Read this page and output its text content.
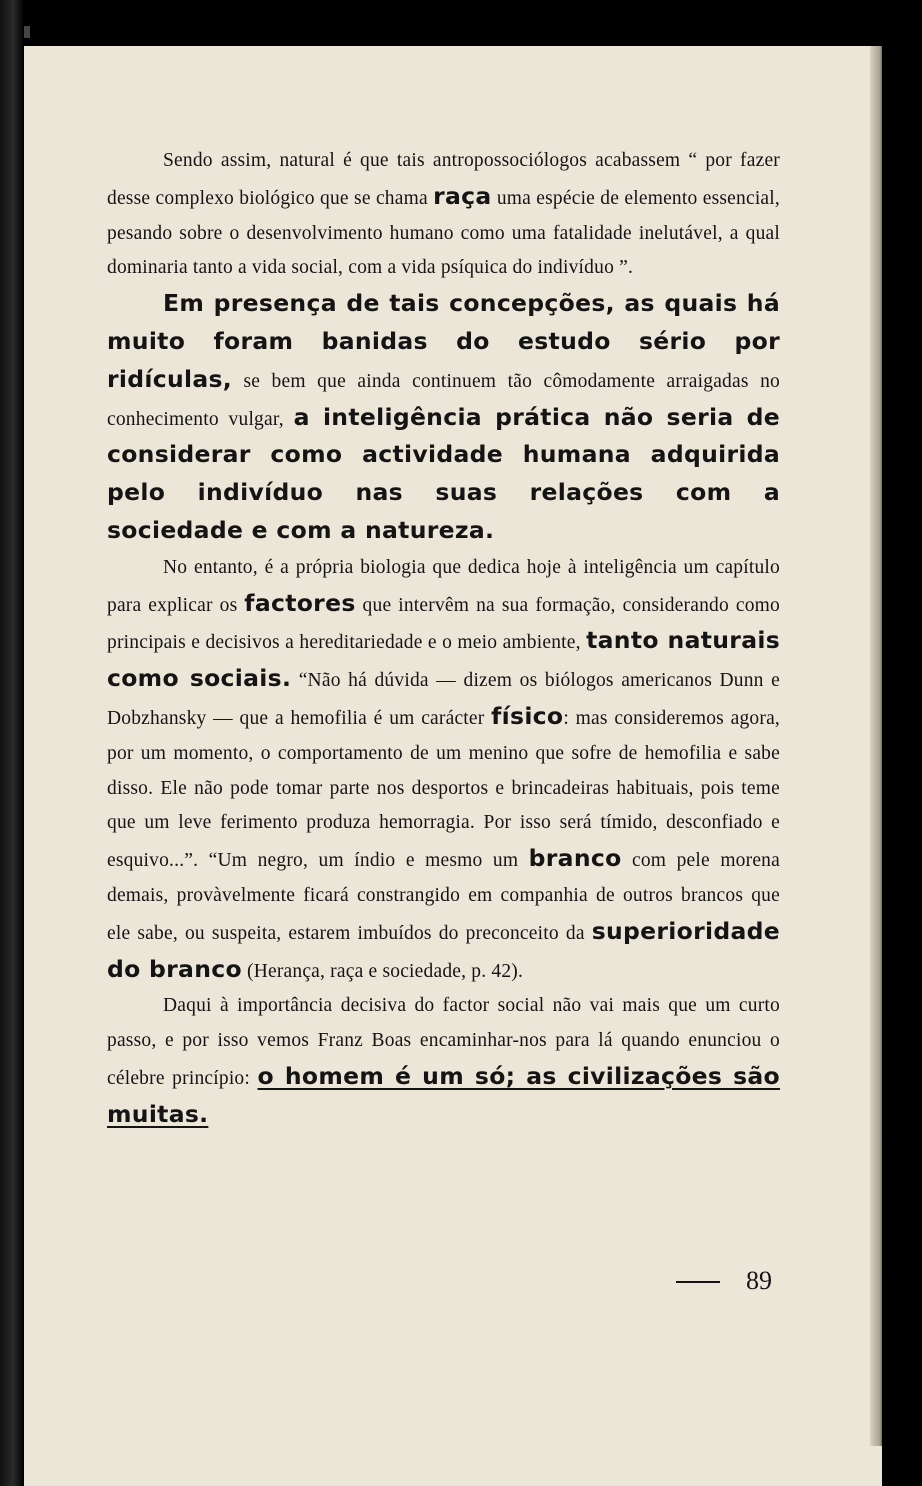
Sendo assim, natural é que tais antropossociólogos acabassem “ por fazer desse complexo biológico que se chama raça uma espécie de elemento essencial, pesando sobre o desenvolvimento humano como uma fatalidade inelutável, a qual dominaria tanto a vida social, com a vida psíquica do indivíduo ”.

Em presença de tais concepções, as quais há muito foram banidas do estudo sério por ridículas, se bem que ainda continuem tão cômodamente arraigadas no conhecimento vulgar, a inteligência prática não seria de considerar como actividade humana adquirida pelo indivíduo nas suas relações com a sociedade e com a natureza.

No entanto, é a própria biologia que dedica hoje à inteligência um capítulo para explicar os factores que intervêm na sua formação, considerando como principais e decisivos a hereditariedade e o meio ambiente, tanto naturais como sociais. “Não há dúvida — dizem os biólogos americanos Dunn e Dobzhansky — que a hemofilia é um carácter físico: mas consideremos agora, por um momento, o comportamento de um menino que sofre de hemofilia e sabe disso. Ele não pode tomar parte nos desportos e brincadeiras habituais, pois teme que um leve ferimento produza hemorragia. Por isso será tímido, desconfiado e esquivo...”. “Um negro, um índio e mesmo um branco com pele morena demais, provàvelmente ficará constrangido em companhia de outros brancos que ele sabe, ou suspeita, estarem imbuídos do preconceito da superioridade do branco (Herança, raça e sociedade, p. 42).

Daqui à importância decisiva do factor social não vai mais que um curto passo, e por isso vemos Franz Boas encaminhar-nos para lá quando enunciou o célebre princípio: o homem é um só; as civilizações são muitas.

89
